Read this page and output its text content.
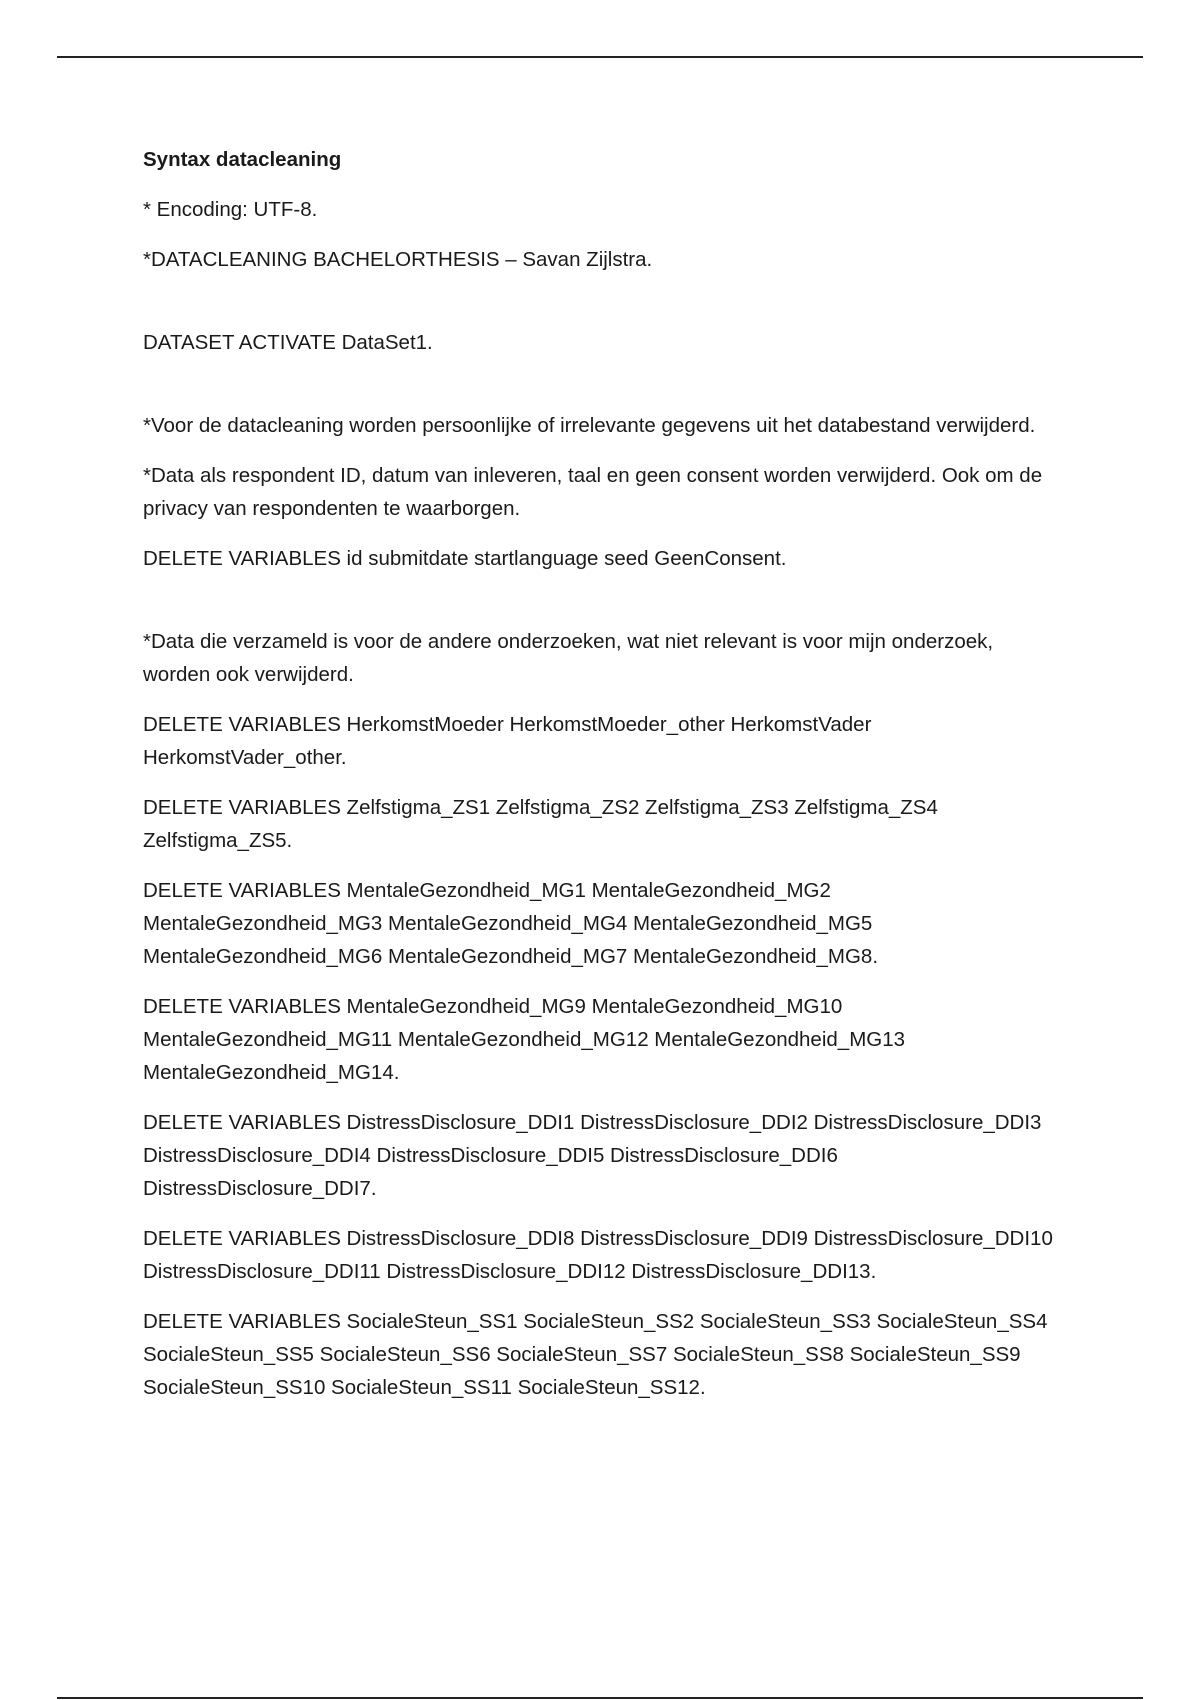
Syntax datacleaning

* Encoding: UTF-8.

*DATACLEANING BACHELORTHESIS – Savan Zijlstra.

DATASET ACTIVATE DataSet1.

*Voor de datacleaning worden persoonlijke of irrelevante gegevens uit het databestand verwijderd.

*Data als respondent ID, datum van inleveren, taal en geen consent worden verwijderd. Ook om de privacy van respondenten te waarborgen.

DELETE VARIABLES id submitdate startlanguage seed GeenConsent.

*Data die verzameld is voor de andere onderzoeken, wat niet relevant is voor mijn onderzoek, worden ook verwijderd.

DELETE VARIABLES HerkomstMoeder HerkomstMoeder_other HerkomstVader HerkomstVader_other.

DELETE VARIABLES Zelfstigma_ZS1 Zelfstigma_ZS2 Zelfstigma_ZS3 Zelfstigma_ZS4 Zelfstigma_ZS5.

DELETE VARIABLES MentaleGezondheid_MG1 MentaleGezondheid_MG2 MentaleGezondheid_MG3 MentaleGezondheid_MG4 MentaleGezondheid_MG5 MentaleGezondheid_MG6 MentaleGezondheid_MG7 MentaleGezondheid_MG8.

DELETE VARIABLES MentaleGezondheid_MG9 MentaleGezondheid_MG10 MentaleGezondheid_MG11 MentaleGezondheid_MG12 MentaleGezondheid_MG13 MentaleGezondheid_MG14.

DELETE VARIABLES DistressDisclosure_DDI1 DistressDisclosure_DDI2 DistressDisclosure_DDI3 DistressDisclosure_DDI4 DistressDisclosure_DDI5 DistressDisclosure_DDI6 DistressDisclosure_DDI7.

DELETE VARIABLES DistressDisclosure_DDI8 DistressDisclosure_DDI9 DistressDisclosure_DDI10 DistressDisclosure_DDI11 DistressDisclosure_DDI12 DistressDisclosure_DDI13.

DELETE VARIABLES SocialeSteun_SS1 SocialeSteun_SS2 SocialeSteun_SS3 SocialeSteun_SS4 SocialeSteun_SS5 SocialeSteun_SS6 SocialeSteun_SS7 SocialeSteun_SS8 SocialeSteun_SS9 SocialeSteun_SS10 SocialeSteun_SS11 SocialeSteun_SS12.
